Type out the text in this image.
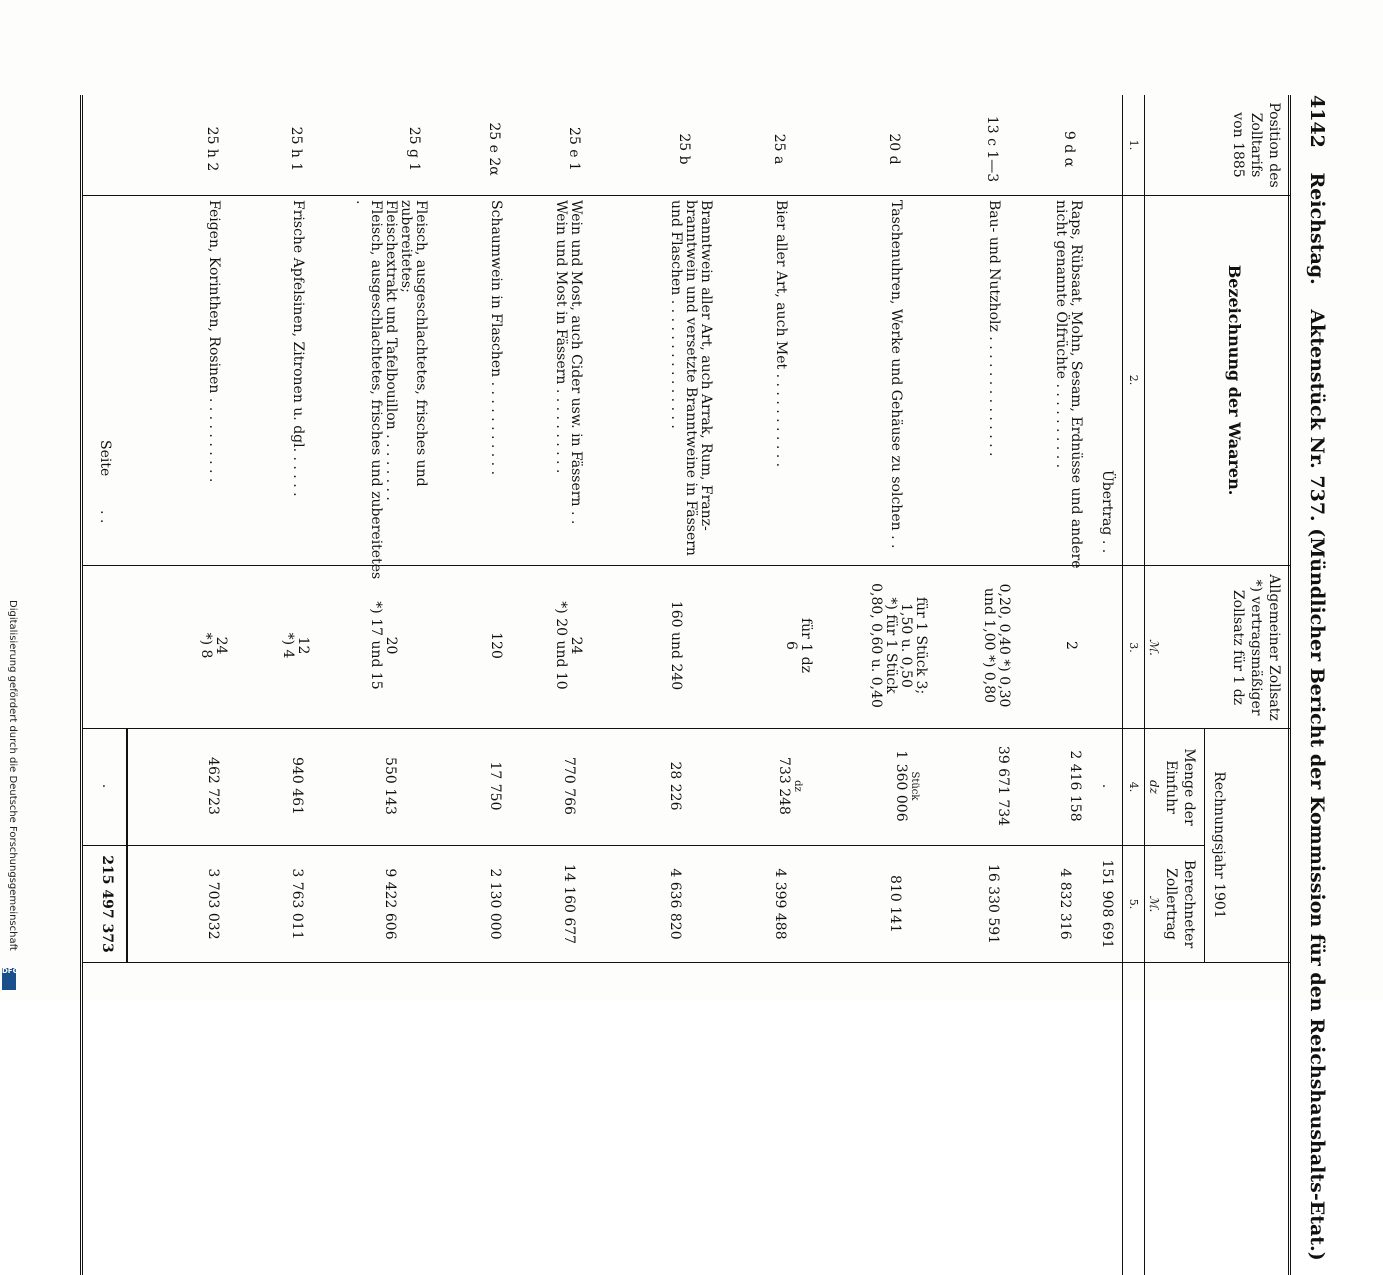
4142 Reichstag. Aktenstück Nr. 737. (Mündlicher Bericht der Kommission für den Reichshaushalts-Etat.)
Position des Zolltarifs von 1885
Bezeichnung der Waaren.
Allgemeiner Zollsatz *) vertragsmäßiger Zollsatz für 1 dz
Rechnungsjahr 1901
Menge der Einfuhr
Berechneter Zollertrag
ℳ.
dz
ℳ.
1.
2.
3.
4.
5.
Übertrag . .
.
151 908 691
9 d α
Raps, Rübsaat, Mohn, Sesam, Erdnüsse und andere
nicht genannte Ölfrüchte . . . . . . . . . .
2
2 416 158
4 832 316
13 c 1—3
Bau- und Nutzholz . . . . . . . . . . . . . .
0,20, 0,40 *) 0,30
und 1,00 *) 0,80
39 671 734
16 330 591
20 d
Taschenuhren, Werke und Gehäuse zu solchen . .
für 1 Stück 3;
1,50 u. 0,50
*) für 1 Stück
0,80, 0,60 u. 0,40
Stück
1 360 006
810 141
25 a
Bier aller Art, auch Met . . . . . . . . . . .
für 1 dz
6
dz
733 248
4 399 488
25 b
Branntwein aller Art, auch Arrak, Rum, Franz-
branntwein und versetzte Branntweine in Fässern
und Flaschen . . . . . . . . . . . . . . .
160 und 240
28 226
4 636 820
25 e 1
Wein und Most, auch Cider usw. in Fässern . .
Wein und Most in Fässern . . . . . . . . . .
24
*) 20 und 10
770 766
14 160 677
25 e 2α
Schaumwein in Flaschen . . . . . . . . . . .
120
17 750
2 130 000
25 g 1
Fleisch, ausgeschlachtetes, frisches und zubereitetes;
Fleischextrakt und Tafelbouillon . . . . . . . .
Fleisch, ausgeschlachtetes, frisches und zubereitetes .
20
*) 17 und 15
550 143
9 422 606
25 h 1
Frische Apfelsinen, Zitronen u. dgl. . . . . .
12
*) 4
940 461
3 763 011
25 h 2
Feigen, Korinthen, Rosinen . . . . . . . . . .
24
*) 8
462 723
3 703 032
Seite
. .
.
215 497 373
Digitalisierung gefördert durch die Deutsche Forschungsgemeinschaft
DFG
